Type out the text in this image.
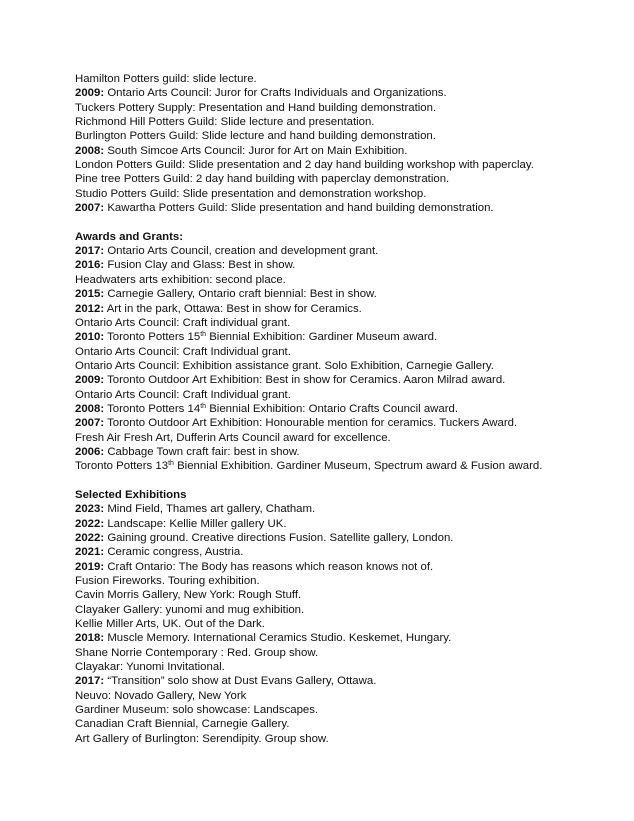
Hamilton Potters guild: slide lecture.
2009: Ontario Arts Council: Juror for Crafts Individuals and Organizations.
Tuckers Pottery Supply: Presentation and Hand building demonstration.
Richmond Hill Potters Guild: Slide lecture and presentation.
Burlington Potters Guild: Slide lecture and hand building demonstration.
2008: South Simcoe Arts Council: Juror for Art on Main Exhibition.
London Potters Guild: Slide presentation and 2 day hand building workshop with paperclay.
Pine tree Potters Guild: 2 day hand building with paperclay demonstration.
Studio Potters Guild: Slide presentation and demonstration workshop.
2007: Kawartha Potters Guild: Slide presentation and hand building demonstration.
Awards and Grants:
2017: Ontario Arts Council, creation and development grant.
2016: Fusion Clay and Glass: Best in show.
Headwaters arts exhibition: second place.
2015: Carnegie Gallery, Ontario craft biennial: Best in show.
2012: Art in the park, Ottawa: Best in show for Ceramics.
Ontario Arts Council: Craft individual grant.
2010: Toronto Potters 15th Biennial Exhibition: Gardiner Museum award.
Ontario Arts Council: Craft Individual grant.
Ontario Arts Council: Exhibition assistance grant. Solo Exhibition, Carnegie Gallery.
2009: Toronto Outdoor Art Exhibition: Best in show for Ceramics. Aaron Milrad award.
Ontario Arts Council: Craft Individual grant.
2008: Toronto Potters 14th Biennial Exhibition: Ontario Crafts Council award.
2007: Toronto Outdoor Art Exhibition: Honourable mention for ceramics. Tuckers Award.
Fresh Air Fresh Art, Dufferin Arts Council award for excellence.
2006: Cabbage Town craft fair: best in show.
Toronto Potters 13th Biennial Exhibition. Gardiner Museum, Spectrum award & Fusion award.
Selected Exhibitions
2023: Mind Field, Thames art gallery, Chatham.
2022: Landscape: Kellie Miller gallery UK.
2022: Gaining ground. Creative directions Fusion. Satellite gallery, London.
2021: Ceramic congress, Austria.
2019: Craft Ontario: The Body has reasons which reason knows not of.
Fusion Fireworks. Touring exhibition.
Cavin Morris Gallery, New York: Rough Stuff.
Clayaker Gallery: yunomi and mug exhibition.
Kellie Miller Arts, UK. Out of the Dark.
2018: Muscle Memory. International Ceramics Studio. Keskemet, Hungary.
Shane Norrie Contemporary : Red. Group show.
Clayakar: Yunomi Invitational.
2017: “Transition” solo show at Dust Evans Gallery, Ottawa.
Neuvo: Novado Gallery, New York
Gardiner Museum: solo showcase: Landscapes.
Canadian Craft Biennial, Carnegie Gallery.
Art Gallery of Burlington: Serendipity. Group show.
